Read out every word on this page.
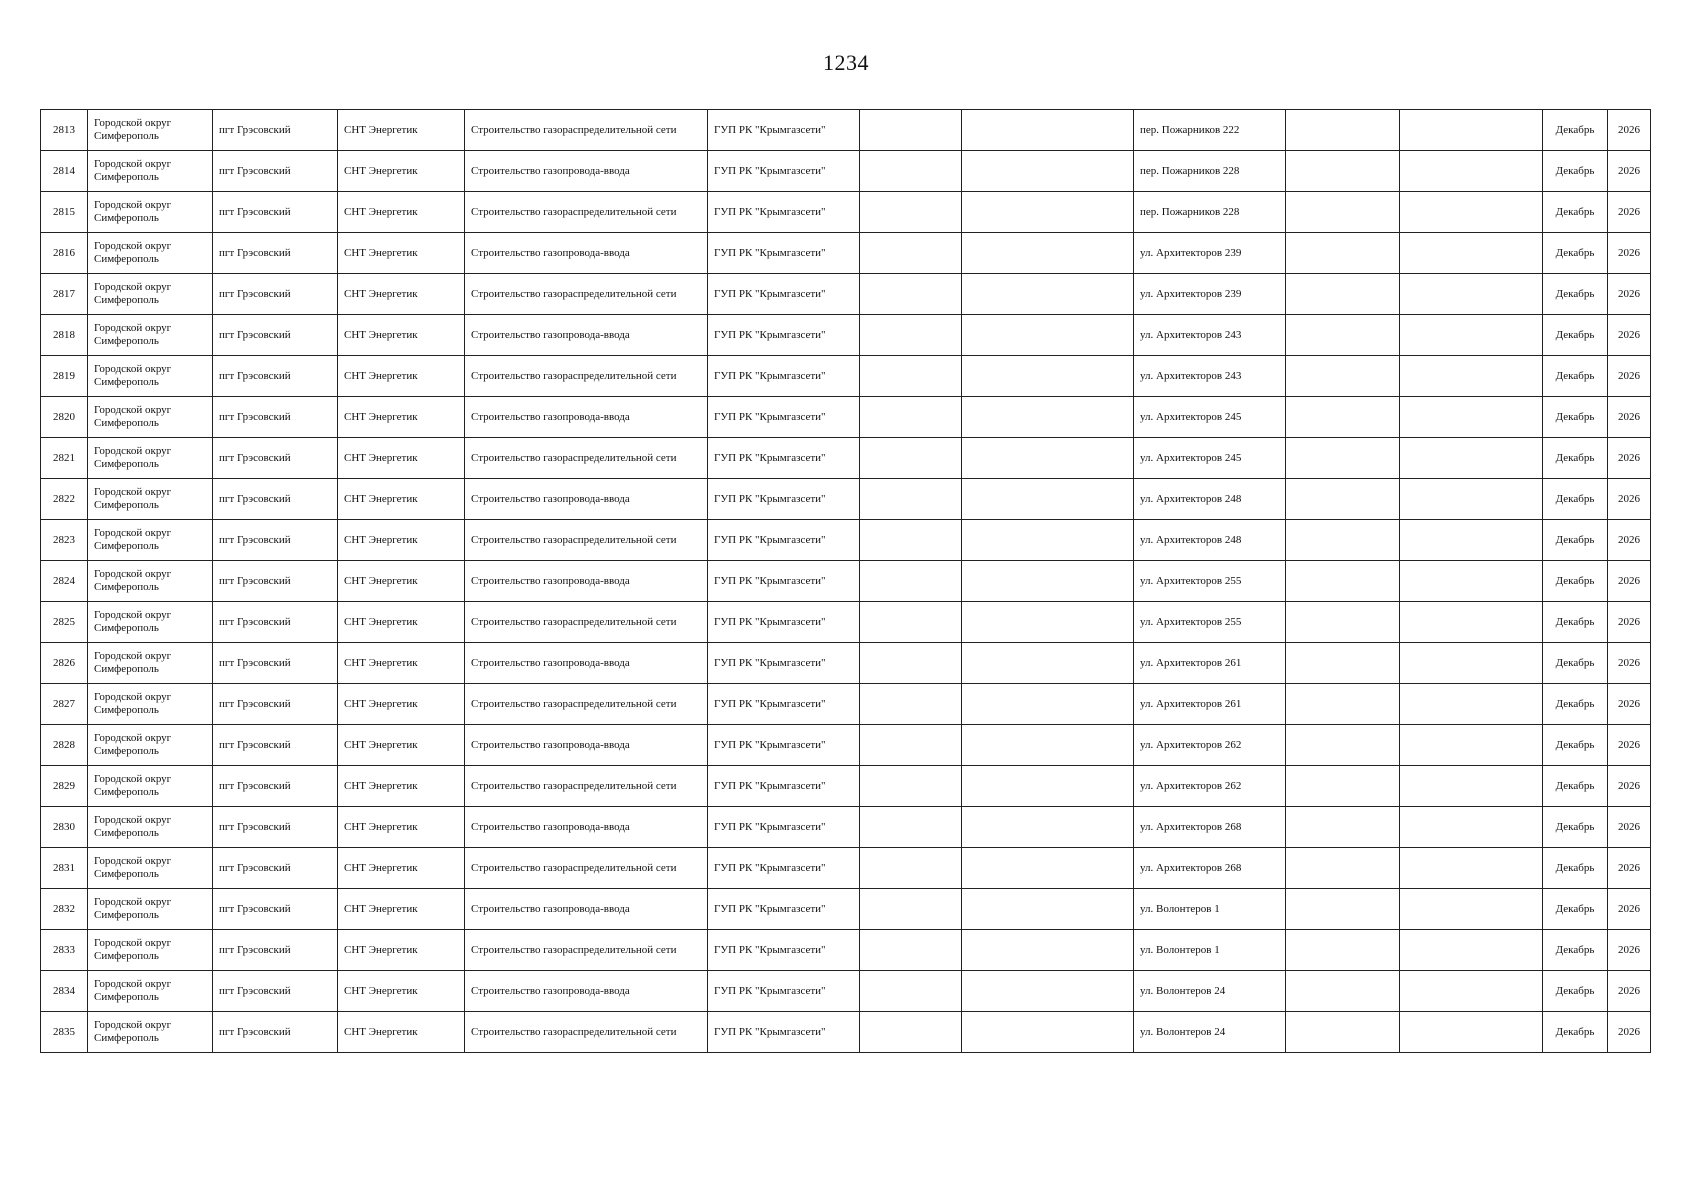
1234
2813	Городской округ Симферополь	пгт Грэсовский	СНТ Энергетик	Строительство газораспределительной сети	ГУП РК "Крымгазсети"			пер. Пожарников 222			Декабрь	2026
2814	Городской округ Симферополь	пгт Грэсовский	СНТ Энергетик	Строительство газопровода-ввода	ГУП РК "Крымгазсети"			пер. Пожарников 228			Декабрь	2026
2815	Городской округ Симферополь	пгт Грэсовский	СНТ Энергетик	Строительство газораспределительной сети	ГУП РК "Крымгазсети"			пер. Пожарников 228			Декабрь	2026
2816	Городской округ Симферополь	пгт Грэсовский	СНТ Энергетик	Строительство газопровода-ввода	ГУП РК "Крымгазсети"			ул. Архитекторов 239			Декабрь	2026
2817	Городской округ Симферополь	пгт Грэсовский	СНТ Энергетик	Строительство газораспределительной сети	ГУП РК "Крымгазсети"			ул. Архитекторов 239			Декабрь	2026
2818	Городской округ Симферополь	пгт Грэсовский	СНТ Энергетик	Строительство газопровода-ввода	ГУП РК "Крымгазсети"			ул. Архитекторов 243			Декабрь	2026
2819	Городской округ Симферополь	пгт Грэсовский	СНТ Энергетик	Строительство газораспределительной сети	ГУП РК "Крымгазсети"			ул. Архитекторов 243			Декабрь	2026
2820	Городской округ Симферополь	пгт Грэсовский	СНТ Энергетик	Строительство газопровода-ввода	ГУП РК "Крымгазсети"			ул. Архитекторов 245			Декабрь	2026
2821	Городской округ Симферополь	пгт Грэсовский	СНТ Энергетик	Строительство газораспределительной сети	ГУП РК "Крымгазсети"			ул. Архитекторов 245			Декабрь	2026
2822	Городской округ Симферополь	пгт Грэсовский	СНТ Энергетик	Строительство газопровода-ввода	ГУП РК "Крымгазсети"			ул. Архитекторов 248			Декабрь	2026
2823	Городской округ Симферополь	пгт Грэсовский	СНТ Энергетик	Строительство газораспределительной сети	ГУП РК "Крымгазсети"			ул. Архитекторов 248			Декабрь	2026
2824	Городской округ Симферополь	пгт Грэсовский	СНТ Энергетик	Строительство газопровода-ввода	ГУП РК "Крымгазсети"			ул. Архитекторов 255			Декабрь	2026
2825	Городской округ Симферополь	пгт Грэсовский	СНТ Энергетик	Строительство газораспределительной сети	ГУП РК "Крымгазсети"			ул. Архитекторов 255			Декабрь	2026
2826	Городской округ Симферополь	пгт Грэсовский	СНТ Энергетик	Строительство газопровода-ввода	ГУП РК "Крымгазсети"			ул. Архитекторов 261			Декабрь	2026
2827	Городской округ Симферополь	пгт Грэсовский	СНТ Энергетик	Строительство газораспределительной сети	ГУП РК "Крымгазсети"			ул. Архитекторов 261			Декабрь	2026
2828	Городской округ Симферополь	пгт Грэсовский	СНТ Энергетик	Строительство газопровода-ввода	ГУП РК "Крымгазсети"			ул. Архитекторов 262			Декабрь	2026
2829	Городской округ Симферополь	пгт Грэсовский	СНТ Энергетик	Строительство газораспределительной сети	ГУП РК "Крымгазсети"			ул. Архитекторов 262			Декабрь	2026
2830	Городской округ Симферополь	пгт Грэсовский	СНТ Энергетик	Строительство газопровода-ввода	ГУП РК "Крымгазсети"			ул. Архитекторов 268			Декабрь	2026
2831	Городской округ Симферополь	пгт Грэсовский	СНТ Энергетик	Строительство газораспределительной сети	ГУП РК "Крымгазсети"			ул. Архитекторов 268			Декабрь	2026
2832	Городской округ Симферополь	пгт Грэсовский	СНТ Энергетик	Строительство газопровода-ввода	ГУП РК "Крымгазсети"			ул. Волонтеров 1			Декабрь	2026
2833	Городской округ Симферополь	пгт Грэсовский	СНТ Энергетик	Строительство газораспределительной сети	ГУП РК "Крымгазсети"			ул. Волонтеров 1			Декабрь	2026
2834	Городской округ Симферополь	пгт Грэсовский	СНТ Энергетик	Строительство газопровода-ввода	ГУП РК "Крымгазсети"			ул. Волонтеров 24			Декабрь	2026
2835	Городской округ Симферополь	пгт Грэсовский	СНТ Энергетик	Строительство газораспределительной сети	ГУП РК "Крымгазсети"			ул. Волонтеров 24			Декабрь	2026
